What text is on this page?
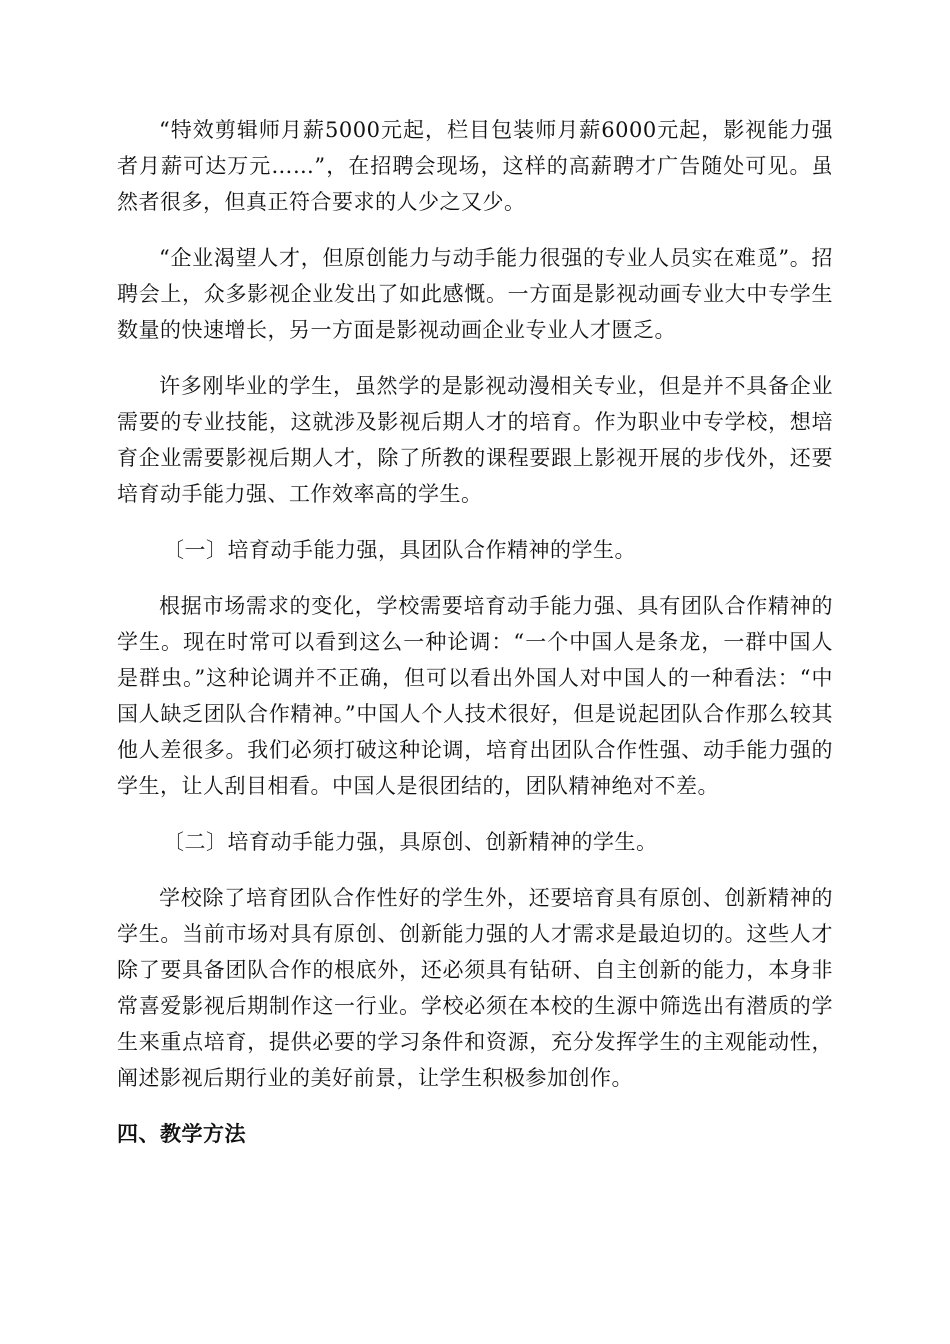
“特效剪辑师月薪5000元起，栏目包装师月薪6000元起，影视能力强者月薪可达万元……”，在招聘会现场，这样的高薪聘才广告随处可见。虽然者很多，但真正符合要求的人少之又少。

“企业渴望人才，但原创能力与动手能力很强的专业人员实在难觅”。招聘会上，众多影视企业发出了如此感慨。一方面是影视动画专业大中专学生数量的快速增长，另一方面是影视动画企业专业人才匮乏。

许多刚毕业的学生，虽然学的是影视动漫相关专业，但是并不具备企业需要的专业技能，这就涉及影视后期人才的培育。作为职业中专学校，想培育企业需要影视后期人才，除了所教的课程要跟上影视开展的步伐外，还要培育动手能力强、工作效率高的学生。

〔一〕培育动手能力强，具团队合作精神的学生。

根据市场需求的变化，学校需要培育动手能力强、具有团队合作精神的学生。现在时常可以看到这么一种论调：“一个中国人是条龙，一群中国人是群虫。”这种论调并不正确，但可以看出外国人对中国人的一种看法：“中国人缺乏团队合作精神。”中国人个人技术很好，但是说起团队合作那么较其他人差很多。我们必须打破这种论调，培育出团队合作性强、动手能力强的学生，让人刮目相看。中国人是很团结的，团队精神绝对不差。

〔二〕培育动手能力强，具原创、创新精神的学生。

学校除了培育团队合作性好的学生外，还要培育具有原创、创新精神的学生。当前市场对具有原创、创新能力强的人才需求是最迫切的。这些人才除了要具备团队合作的根底外，还必须具有钻研、自主创新的能力，本身非常喜爱影视后期制作这一行业。学校必须在本校的生源中筛选出有潜质的学生来重点培育，提供必要的学习条件和资源，充分发挥学生的主观能动性，阐述影视后期行业的美好前景，让学生积极参加创作。

四、教学方法
